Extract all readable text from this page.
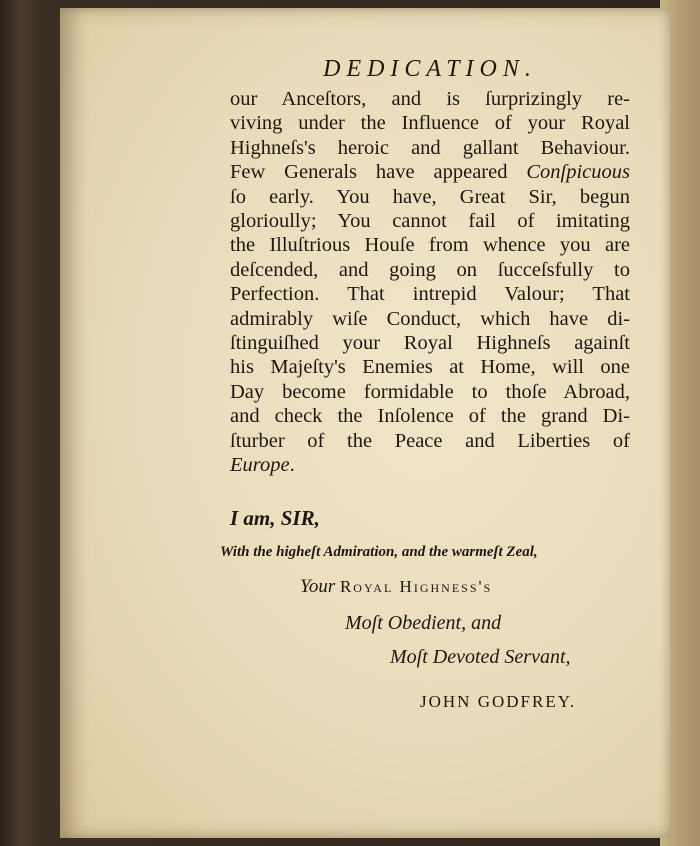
DEDICATION.
our Anceſtors, and is ſurprizingly re-
viving under the Influence of your Royal
Highneſs's heroic and gallant Behaviour.
Few Generals have appeared Conſpicuous
ſo early. You have, Great Sir, begun
glorioully; You cannot fail of imitating
the Illuſtrious Houſe from whence you are
deſcended, and going on ſucceſsfully to
Perfection. That intrepid Valour; That
admirably wiſe Conduct, which have di-
ſtinguiſhed your Royal Highneſs againſt
his Majeſty's Enemies at Home, will one
Day become formidable to thoſe Abroad,
and check the Inſolence of the grand Di-
ſturber of the Peace and Liberties of
Europe.
I am, SIR,
With the higheſt Admiration, and the warmeſt Zeal,
Your Royal Highness's
Moſt Obedient, and
Moſt Devoted Servant,
JOHN GODFREY.
